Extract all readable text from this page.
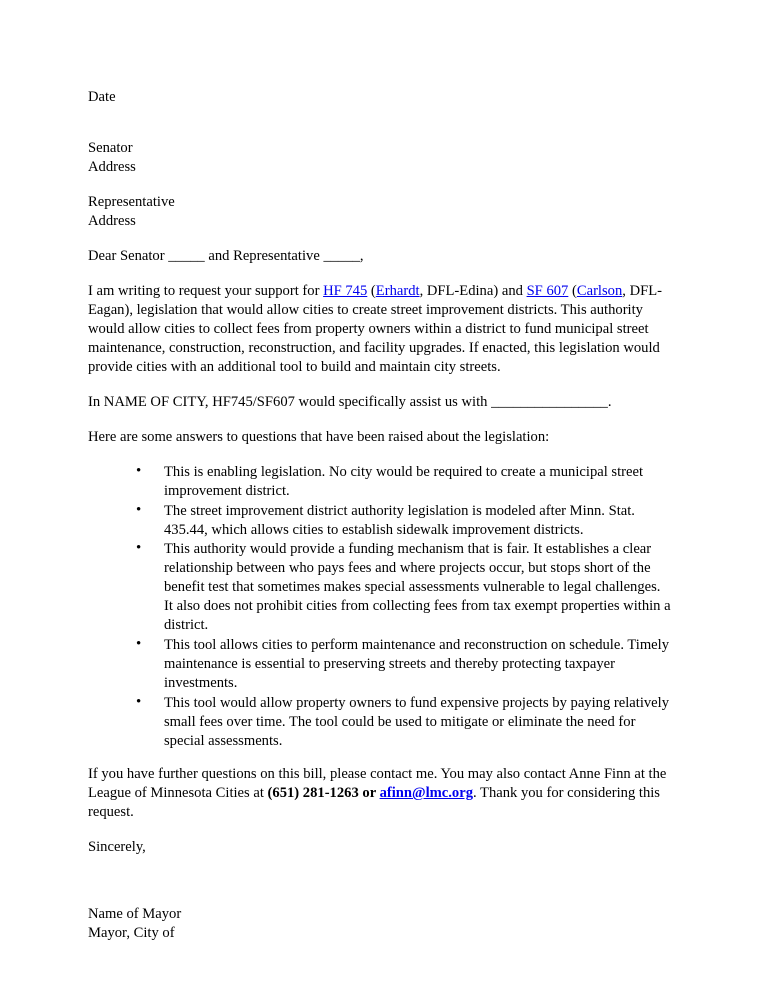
Date

Senator

Address

Representative

Address

Dear Senator _____ and Representative _____,

I am writing to request your support for HF 745 (Erhardt, DFL-Edina) and SF 607 (Carlson, DFL-Eagan), legislation that would allow cities to create street improvement districts. This authority would allow cities to collect fees from property owners within a district to fund municipal street maintenance, construction, reconstruction, and facility upgrades. If enacted, this legislation would provide cities with an additional tool to build and maintain city streets.

In NAME OF CITY, HF745/SF607 would specifically assist us with ________________.

Here are some answers to questions that have been raised about the legislation:

• This is enabling legislation. No city would be required to create a municipal street improvement district.
• The street improvement district authority legislation is modeled after Minn. Stat. 435.44, which allows cities to establish sidewalk improvement districts.
• This authority would provide a funding mechanism that is fair. It establishes a clear relationship between who pays fees and where projects occur, but stops short of the benefit test that sometimes makes special assessments vulnerable to legal challenges. It also does not prohibit cities from collecting fees from tax exempt properties within a district.
• This tool allows cities to perform maintenance and reconstruction on schedule. Timely maintenance is essential to preserving streets and thereby protecting taxpayer investments.
• This tool would allow property owners to fund expensive projects by paying relatively small fees over time. The tool could be used to mitigate or eliminate the need for special assessments.

If you have further questions on this bill, please contact me. You may also contact Anne Finn at the League of Minnesota Cities at (651) 281-1263 or afinn@lmc.org. Thank you for considering this request.

Sincerely,

Name of Mayor

Mayor, City of
